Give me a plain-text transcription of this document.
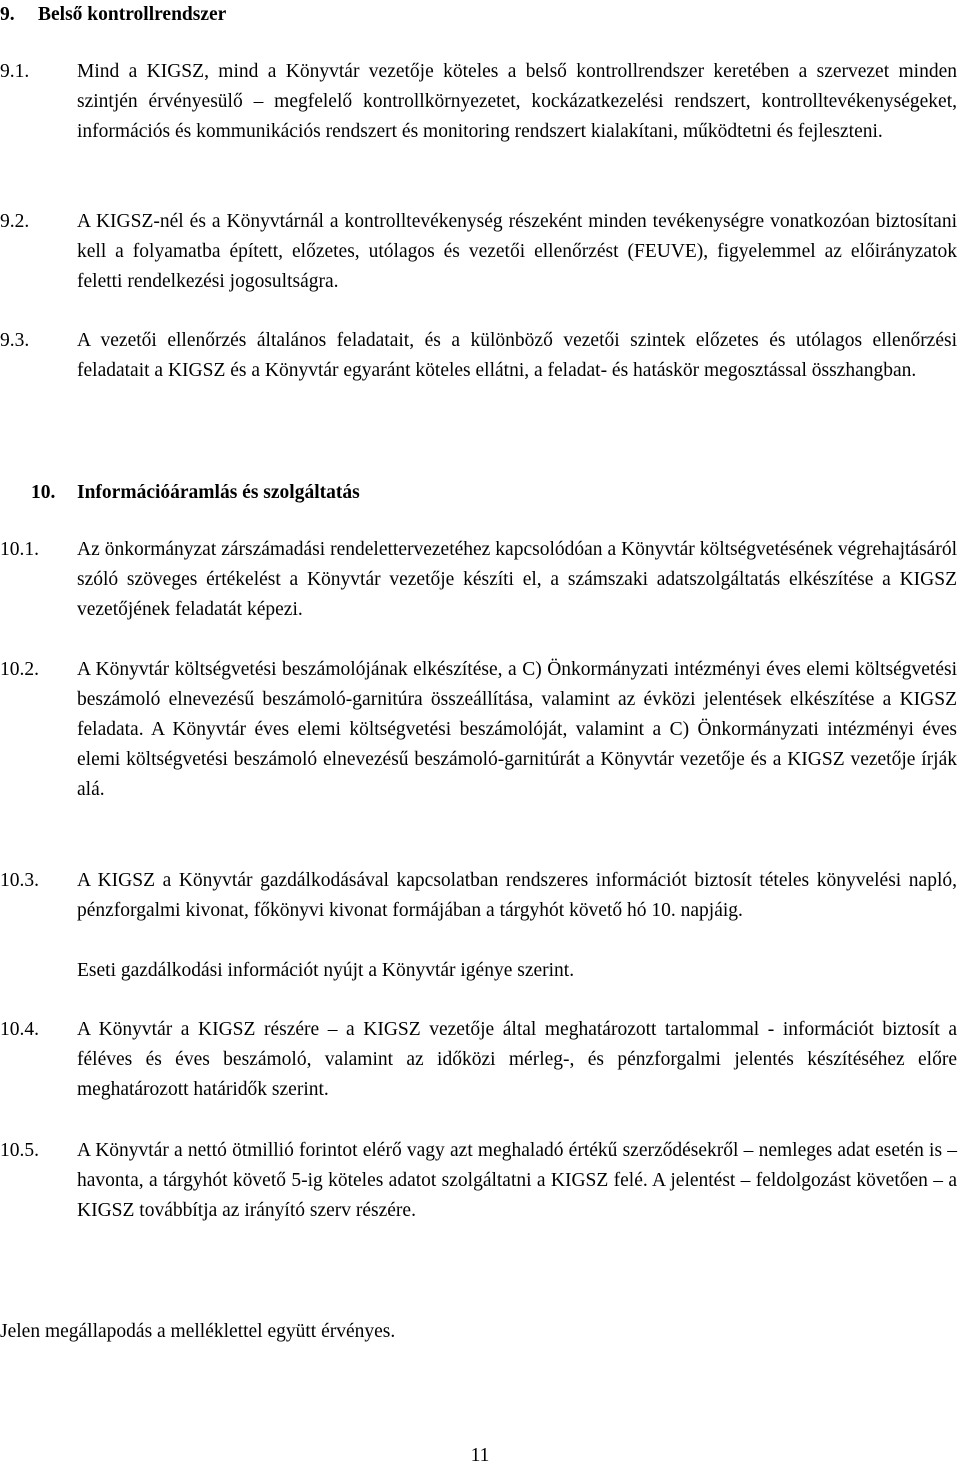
9. Belső kontrollrendszer
9.1. Mind a KIGSZ, mind a Könyvtár vezetője köteles a belső kontrollrendszer keretében a szervezet minden szintjén érvényesülő – megfelelő kontrollkörnyezetet, kockázatkezelési rendszert, kontrolltevékenységeket, információs és kommunikációs rendszert és monitoring rendszert kialakítani, működtetni és fejleszteni.

9.2. A KIGSZ-nél és a Könyvtárnál a kontrolltevékenység részeként minden tevékenységre vonatkozóan biztosítani kell a folyamatba épített, előzetes, utólagos és vezetői ellenőrzést (FEUVE), figyelemmel az előirányzatok feletti rendelkezési jogosultságra.

9.3. A vezetői ellenőrzés általános feladatait, és a különböző vezetői szintek előzetes és utólagos ellenőrzési feladatait a KIGSZ és a Könyvtár egyaránt köteles ellátni, a feladat- és hatáskör megosztással összhangban.

10. Információáramlás és szolgáltatás
10.1. Az önkormányzat zárszámadási rendelettervezetéhez kapcsolódóan a Könyvtár költségvetésének végrehajtásáról szóló szöveges értékelést a Könyvtár vezetője készíti el, a számszaki adatszolgáltatás elkészítése a KIGSZ vezetőjének feladatát képezi.

10.2. A Könyvtár költségvetési beszámolójának elkészítése, a C) Önkormányzati intézményi éves elemi költségvetési beszámoló elnevezésű beszámoló-garnitúra összeállítása, valamint az évközi jelentések elkészítése a KIGSZ feladata. A Könyvtár éves elemi költségvetési beszámolóját, valamint a C) Önkormányzati intézményi éves elemi költségvetési beszámoló elnevezésű beszámoló-garnitúrát a Könyvtár vezetője és a KIGSZ vezetője írják alá.

10.3. A KIGSZ a Könyvtár gazdálkodásával kapcsolatban rendszeres információt biztosít tételes könyvelési napló, pénzforgalmi kivonat, főkönyvi kivonat formájában a tárgyhót követő hó 10. napjáig.

Eseti gazdálkodási információt nyújt a Könyvtár igénye szerint.

10.4. A Könyvtár a KIGSZ részére – a KIGSZ vezetője által meghatározott tartalommal - információt biztosít a féléves és éves beszámoló, valamint az időközi mérleg-, és pénzforgalmi jelentés készítéséhez előre meghatározott határidők szerint.

10.5. A Könyvtár a nettó ötmillió forintot elérő vagy azt meghaladó értékű szerződésekről – nemleges adat esetén is – havonta, a tárgyhót követő 5-ig köteles adatot szolgáltatni a KIGSZ felé. A jelentést – feldolgozást követően – a KIGSZ továbbítja az irányító szerv részére.

Jelen megállapodás a melléklettel együtt érvényes.
11
